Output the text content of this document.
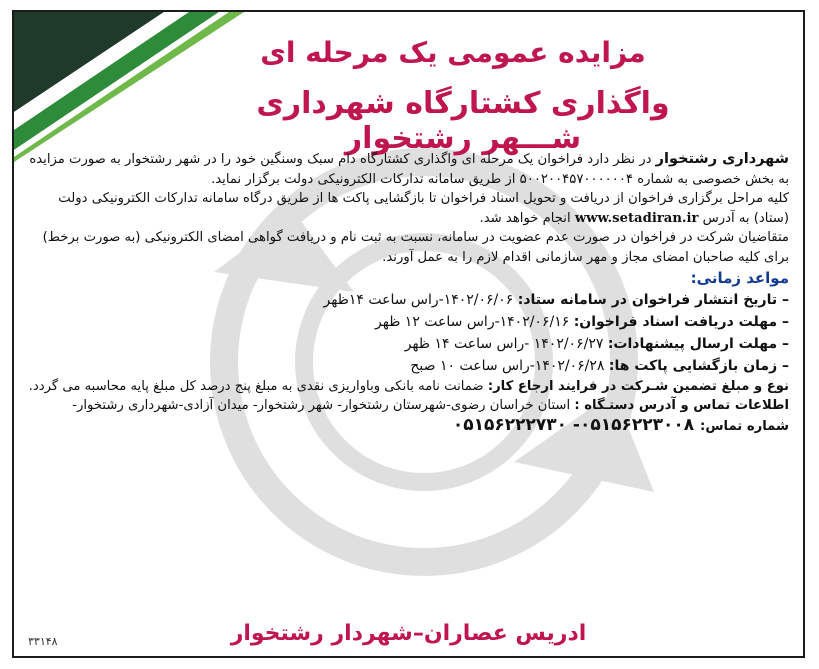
مزایده عمومی یک مرحله ای
واگذاری کشتارگاه شهرداری شـــهر رشتخوار

شهرداری رشتخوار در نظر دارد فراخوان یک مرحله ای واگذاری کشتارگاه دام سبک وسنگین خود را در شهر رشتخوار به صورت مزایده به بخش خصوصی به شماره ۵۰۰۲۰۰۴۵۷۰۰۰۰۰۰۴ از طریق سامانه تدارکات الکترونیکی دولت برگزار نماید.

کلیه مراحل برگزاری فراخوان از دریافت و تحویل اسناد فراخوان تا بازگشایی پاکت ها از طریق درگاه سامانه تدارکات الکترونیکی دولت (ستاد) به آدرس www.setadiran.ir انجام خواهد شد.

متقاضیان شرکت در فراخوان در صورت عدم عضویت در سامانه، نسبت به ثبت نام و دریافت گواهی امضای الکترونیکی (به صورت برخط) برای کلیه صاحبان امضای مجاز و مهر سازمانی اقدام لازم را به عمل آورند.

مواعد زمانی:

– تاریخ انتشار فراخوان در سامانه ستاد: ۱۴۰۲/۰۶/۰۶-راس ساعت ۱۴ظهر
– مهلت دریافت اسناد فراخوان: ۱۴۰۲/۰۶/۱۶-راس ساعت ۱۲ ظهر
– مهلت ارسال پیشنهادات: ۱۴۰۲/۰۶/۲۷ -راس ساعت ۱۴ ظهر
– زمان بازگشایی پاکت ها: ۱۴۰۲/۰۶/۲۸-راس ساعت ۱۰ صبح

نوع و مبلغ تضمین شـرکت در فرایند ارجاع کار: ضمانت نامه بانکی وباواریزی نقدی به مبلغ پنج درصد کل مبلغ پایه محاسبه می گردد.

اطلاعات تماس و آدرس دستـگاه : استان خراسان رضوی-شهرستان رشتخوار- شهر رشتخوار- میدان آزادی-شهرداری رشتخوار- شماره تماس: ۰۵۱۵۶۲۲۳۰۰۸- ۰۵۱۵۶۲۲۲۷۳۰

ادریس عصاران–شهردار رشتخوار
۳۳۱۴۸
